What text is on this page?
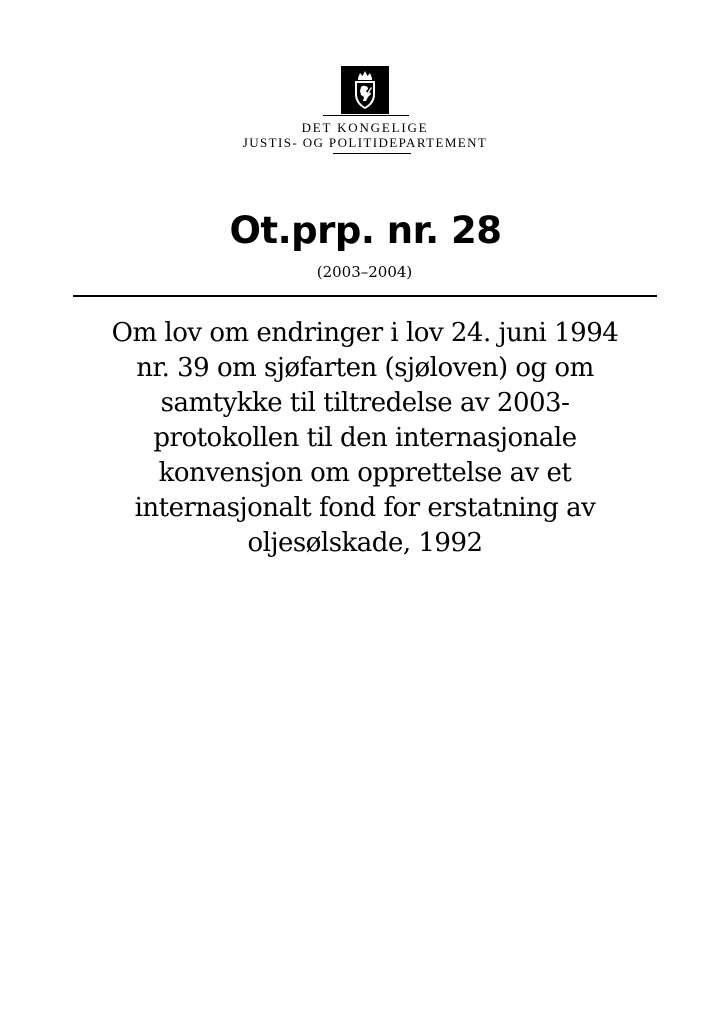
DET KONGELIGE
JUSTIS- OG POLITIDEPARTEMENT
Ot.prp. nr. 28
(2003–2004)
Om lov om endringer i lov 24. juni 1994
nr. 39 om sjøfarten (sjøloven) og om
samtykke til tiltredelse av 2003-
protokollen til den internasjonale
konvensjon om opprettelse av et
internasjonalt fond for erstatning av
oljesølskade, 1992
